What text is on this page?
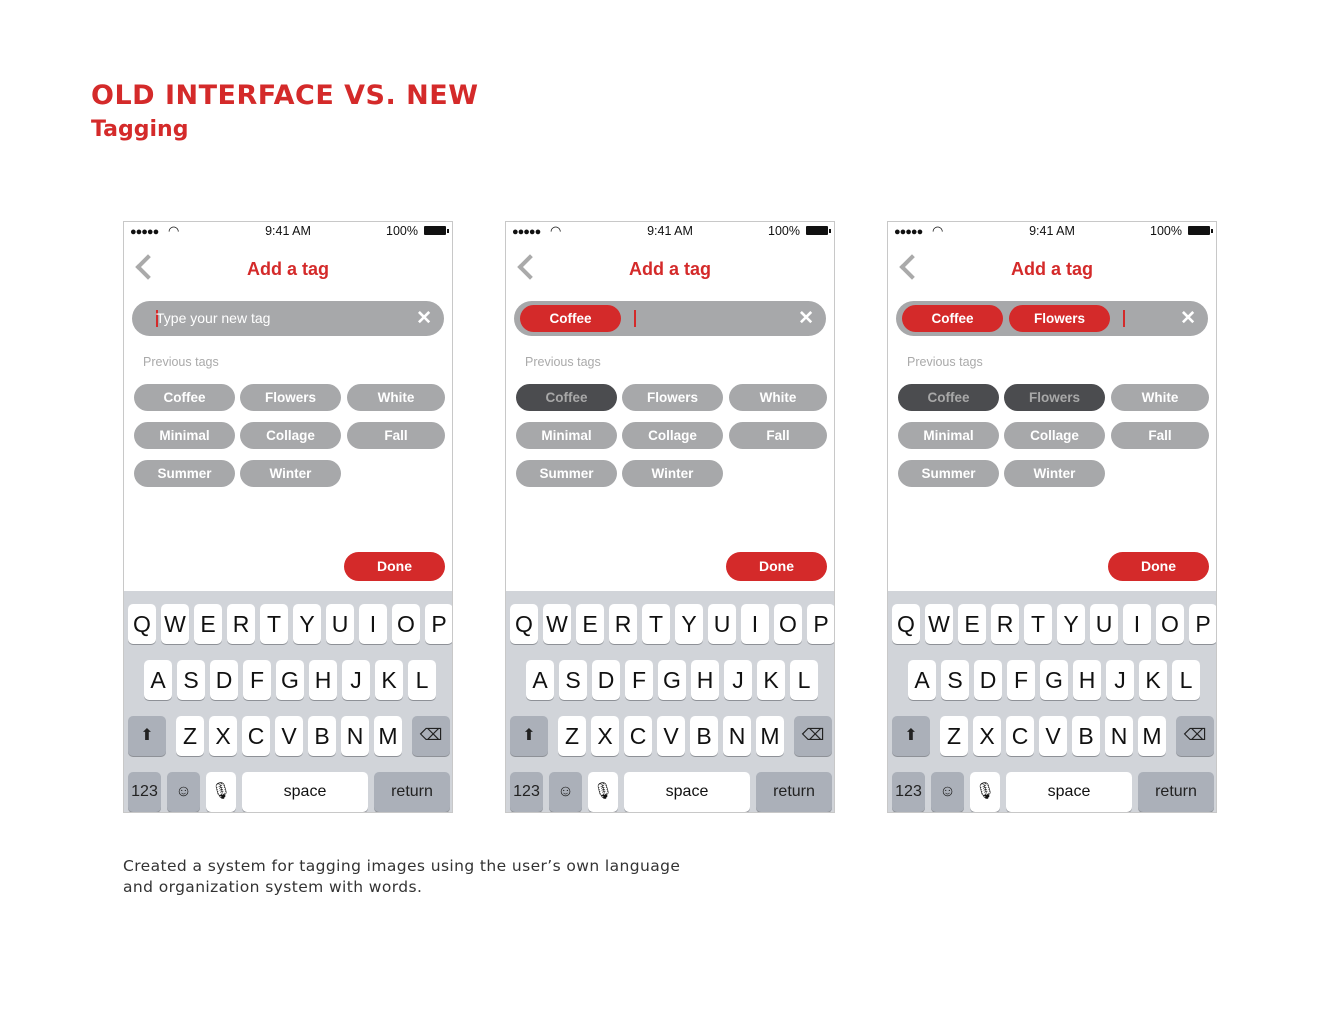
OLD INTERFACE VS. NEW
Tagging
●●●●● ◠	9:41 AM	100%
Add a tag
Type your new tag	✕
Previous tags
Coffee	Flowers	White
Minimal	Collage	Fall
Summer	Winter
Done
Q W E R T Y U I O P
A S D F G H J K L
⬆	Z X C V B N M	⌫
123	☺	🎙	space	return
●●●●● ◠	9:41 AM	100%
Add a tag
Coffee	✕
Previous tags
Coffee	Flowers	White
Minimal	Collage	Fall
Summer	Winter
Done
Q W E R T Y U I O P
A S D F G H J K L
⬆	Z X C V B N M	⌫
123	☺	🎙	space	return
●●●●● ◠	9:41 AM	100%
Add a tag
Coffee	Flowers	✕
Previous tags
Coffee	Flowers	White
Minimal	Collage	Fall
Summer	Winter
Done
Q W E R T Y U I O P
A S D F G H J K L
⬆	Z X C V B N M	⌫
123	☺	🎙	space	return
Created a system for tagging images using the user’s own language and organization system with words.
